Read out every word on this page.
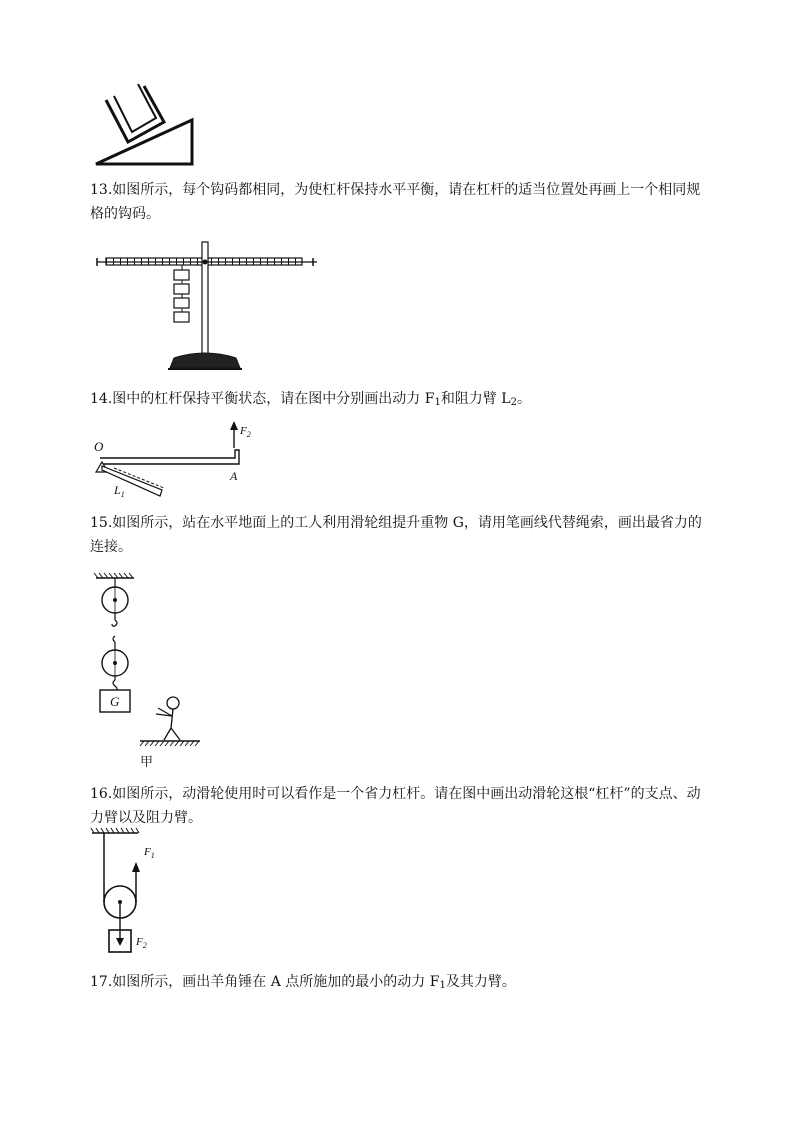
13.如图所示，每个钩码都相同，为使杠杆保持水平平衡，请在杠杆的适当位置处再画上一个相同规格的钩码。

14.图中的杠杆保持平衡状态，请在图中分别画出动力 $F_1$和阻力臂 $L_2$。

O
$F_2$
A
$L_1$

15.如图所示，站在水平地面上的工人利用滑轮组提升重物 G，请用笔画线代替绳索，画出最省力的连接。

G
甲

16.如图所示，动滑轮使用时可以看作是一个省力杠杆。请在图中画出动滑轮这根“杠杆”的支点、动力臂以及阻力臂。

$F_1$
$F_2$

17.如图所示，画出羊角锤在 A 点所施加的最小的动力 $F_1$及其力臂。
